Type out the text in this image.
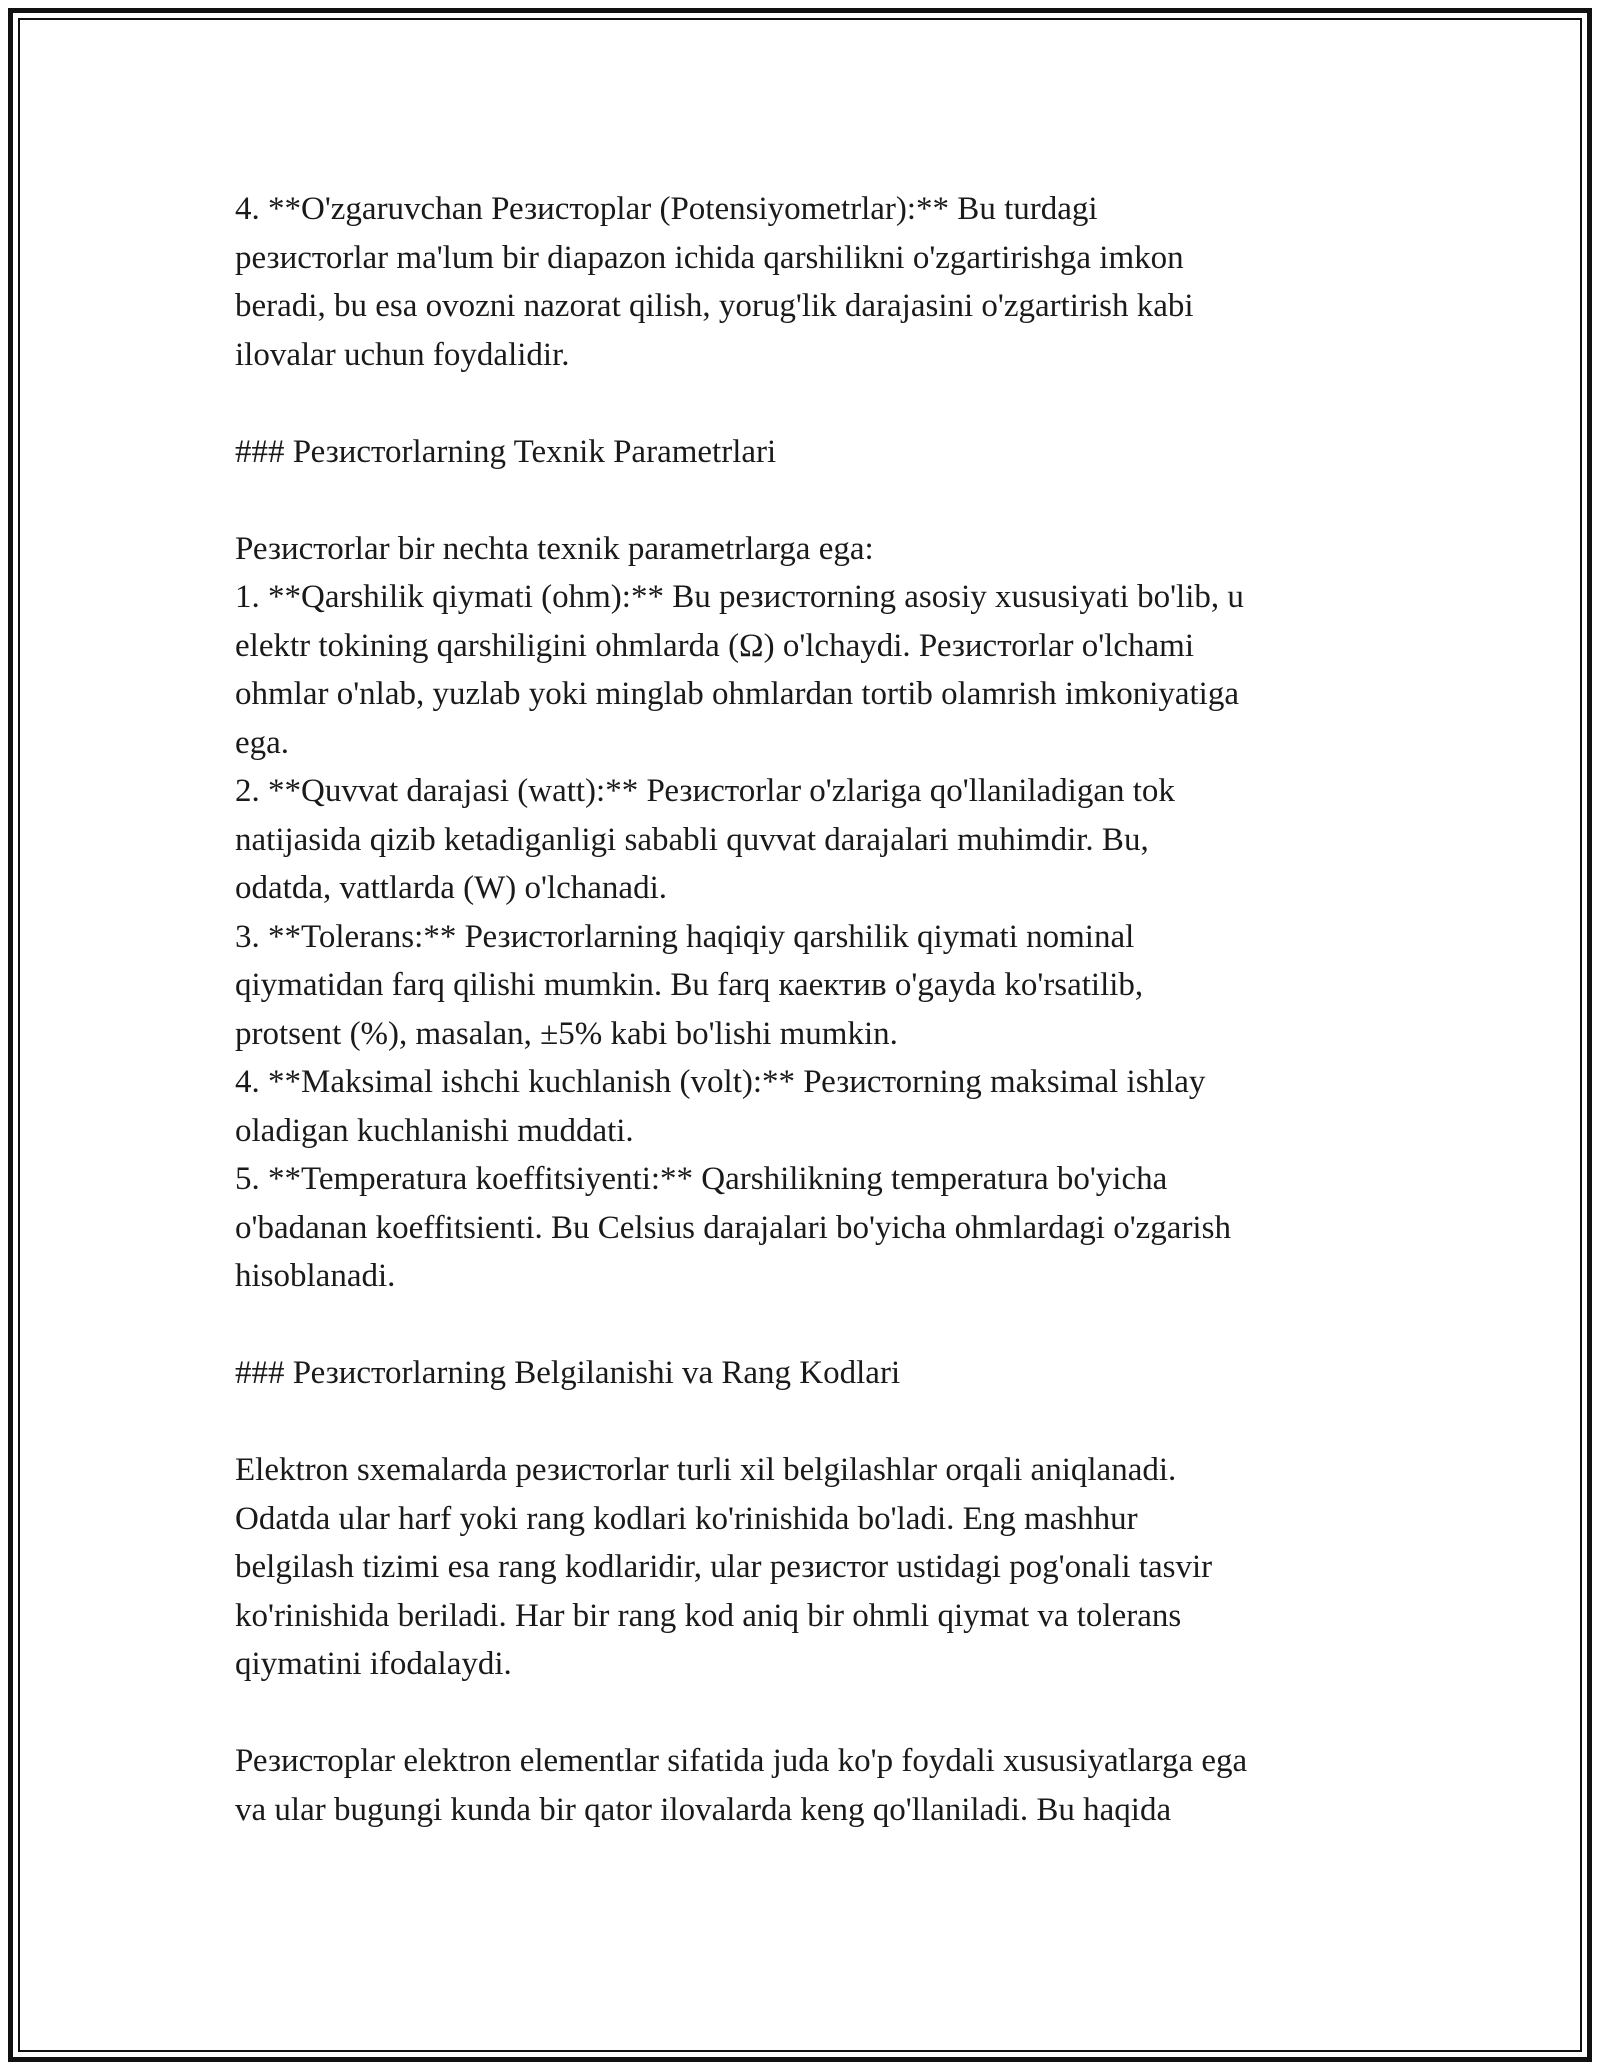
4. **O'zgaruvchan Резистоplar (Potensiyometrlar):** Bu turdagi
резистоrlar ma'lum bir diapazon ichida qarshilikni o'zgartirishga imkon
beradi, bu esa ovozni nazorat qilish, yorug'lik darajasini o'zgartirish kabi
ilovalar uchun foydalidir.
### Резистоrlarning Texnik Parametrlari
Резистоrlar bir nechta texnik parametrlarga ega:
1. **Qarshilik qiymati (ohm):** Bu резистоrning asosiy xususiyati bo'lib, u
elektr tokining qarshiligini ohmlarda (Ω) o'lchaydi. Резистоrlar o'lchami
ohmlar o'nlab, yuzlab yoki minglab ohmlardan tortib olamrish imkoniyatiga
ega.
2. **Quvvat darajasi (watt):** Резистоrlar o'zlariga qo'llaniladigan tok
natijasida qizib ketadiganligi sababli quvvat darajalari muhimdir. Bu,
odatda, vattlarda (W) o'lchanadi.
3. **Tolerans:** Резистоrlarning haqiqiy qarshilik qiymati nominal
qiymatidan farq qilishi mumkin. Bu farq каектив o'gayda ko'rsatilib,
protsent (%), masalan, ±5% kabi bo'lishi mumkin.
4. **Maksimal ishchi kuchlanish (volt):** Резистоrning maksimal ishlay
oladigan kuchlanishi muddati.
5. **Temperatura koeffitsiyenti:** Qarshilikning temperatura bo'yicha
o'badanan koeffitsienti. Bu Celsius darajalari bo'yicha ohmlardagi o'zgarish
hisoblanadi.
### Резистоrlarning Belgilanishi va Rang Kodlari
Elektron sxemalarda резистоrlar turli xil belgilashlar orqali aniqlanadi.
Odatda ular harf yoki rang kodlari ko'rinishida bo'ladi. Eng mashhur
belgilash tizimi esa rang kodlaridir, ular резистоr ustidagi pog'onali tasvir
ko'rinishida beriladi. Har bir rang kod aniq bir ohmli qiymat va tolerans
qiymatini ifodalaydi.
Резистоplar elektron elementlar sifatida juda ko'p foydali xususiyatlarga ega
va ular bugungi kunda bir qator ilovalarda keng qo'llaniladi. Bu haqida
